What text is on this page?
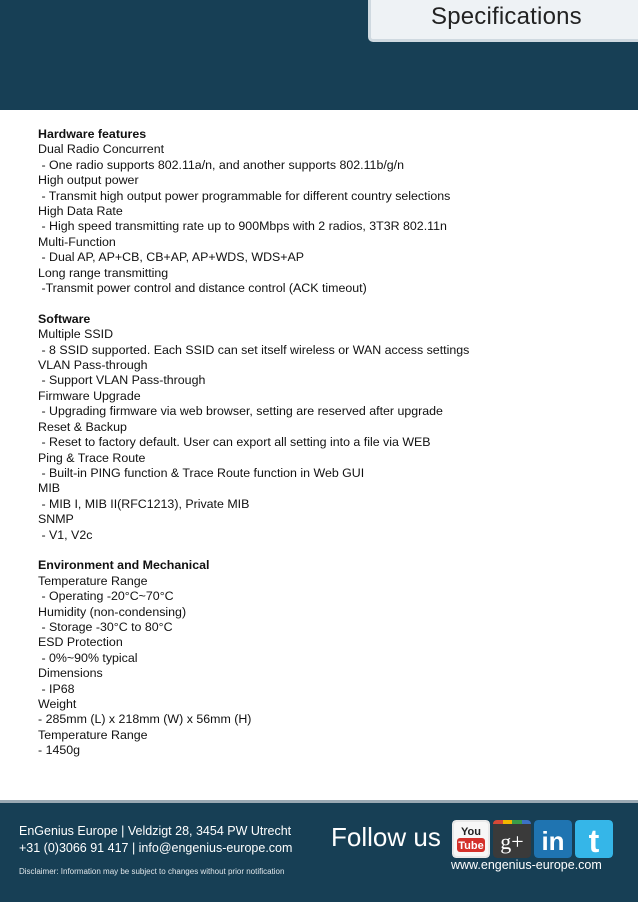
Specifications
Hardware features
Dual Radio Concurrent
- One radio supports 802.11a/n, and another supports 802.11b/g/n
High output power
- Transmit high output power programmable for different country selections
High Data Rate
- High speed transmitting rate up to 900Mbps with 2 radios, 3T3R 802.11n
Multi-Function
- Dual AP, AP+CB, CB+AP, AP+WDS, WDS+AP
Long range transmitting
-Transmit power control and distance control (ACK timeout)
Software
Multiple SSID
- 8 SSID supported. Each SSID can set itself wireless or WAN access settings
VLAN Pass-through
- Support VLAN Pass-through
Firmware Upgrade
- Upgrading firmware via web browser, setting are reserved after upgrade
Reset & Backup
- Reset to factory default. User can export all setting into a file via WEB
Ping & Trace Route
- Built-in PING function & Trace Route function in Web GUI
MIB
- MIB I, MIB II(RFC1213), Private MIB
SNMP
- V1, V2c
Environment and Mechanical
Temperature Range
- Operating -20°C~70°C
Humidity (non-condensing)
- Storage -30°C to 80°C
ESD Protection
- 0%~90% typical
Dimensions
- IP68
Weight
- 285mm (L) x 218mm (W) x 56mm (H)
Temperature Range
- 1450g
EnGenius Europe | Veldzigt 28, 3454 PW Utrecht
+31 (0)3066 91 417 | info@engenius-europe.com
Disclaimer: Information may be subject to changes without prior notification
Follow us You
Tube g+ in t
www.engenius-europe.com
